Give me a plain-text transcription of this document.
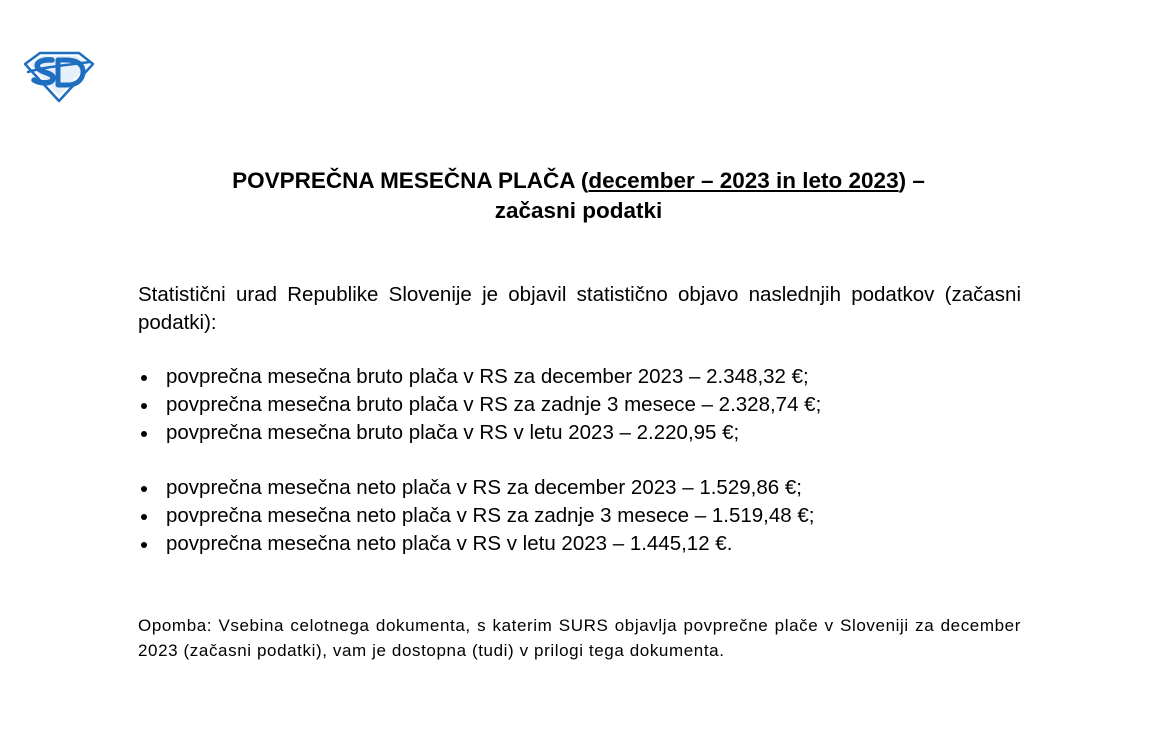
POVPREČNA MESEČNA PLAČA (december – 2023 in leto 2023) –
začasni podatki
Statistični urad Republike Slovenije je objavil statistično objavo naslednjih podatkov (začasni podatki):
povprečna mesečna bruto plača v RS za december 2023 – 2.348,32 €;
povprečna mesečna bruto plača v RS za zadnje 3 mesece – 2.328,74 €;
povprečna mesečna bruto plača v RS v letu 2023 – 2.220,95 €;
povprečna mesečna neto plača v RS za december 2023 – 1.529,86 €;
povprečna mesečna neto plača v RS za zadnje 3 mesece – 1.519,48 €;
povprečna mesečna neto plača v RS v letu 2023 – 1.445,12 €.
Opomba: Vsebina celotnega dokumenta, s katerim SURS objavlja povprečne plače v Sloveniji za december 2023 (začasni podatki), vam je dostopna (tudi) v prilogi tega dokumenta.
